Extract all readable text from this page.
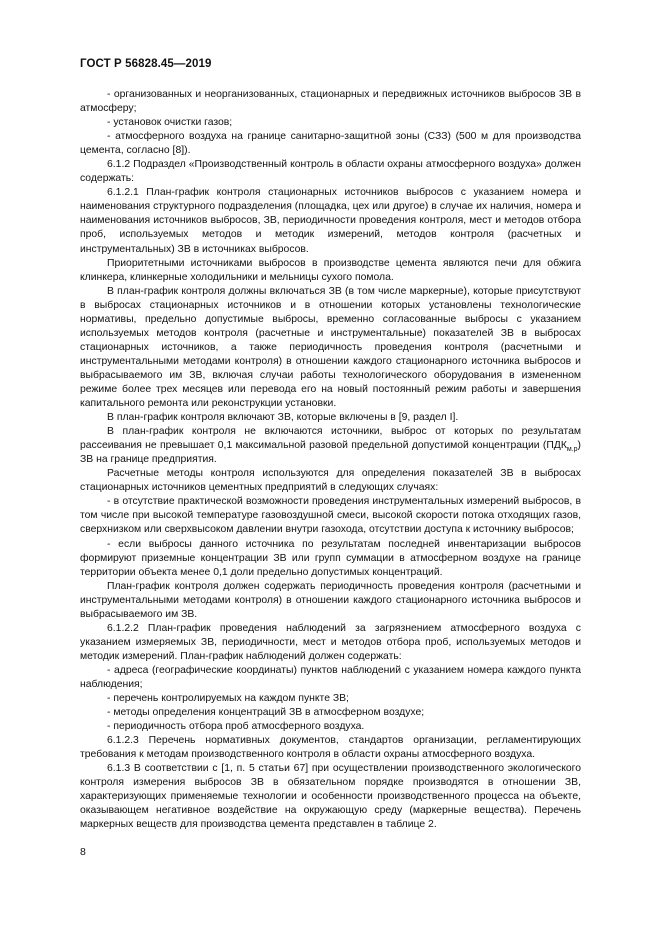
ГОСТ Р 56828.45—2019

- организованных и неорганизованных, стационарных и передвижных источников выбросов ЗВ в атмосферу;

- установок очистки газов;

- атмосферного воздуха на границе санитарно-защитной зоны (СЗЗ) (500 м для производства цемента, согласно [8]).

6.1.2 Подраздел «Производственный контроль в области охраны атмосферного воздуха» должен содержать:

6.1.2.1 План-график контроля стационарных источников выбросов с указанием номера и наименования структурного подразделения (площадка, цех или другое) в случае их наличия, номера и наименования источников выбросов, ЗВ, периодичности проведения контроля, мест и методов отбора проб, используемых методов и методик измерений, методов контроля (расчетных и инструментальных) ЗВ в источниках выбросов.

Приоритетными источниками выбросов в производстве цемента являются печи для обжига клинкера, клинкерные холодильники и мельницы сухого помола.

В план-график контроля должны включаться ЗВ (в том числе маркерные), которые присутствуют в выбросах стационарных источников и в отношении которых установлены технологические нормативы, предельно допустимые выбросы, временно согласованные выбросы с указанием используемых методов контроля (расчетные и инструментальные) показателей ЗВ в выбросах стационарных источников, а также периодичность проведения контроля (расчетными и инструментальными методами контроля) в отношении каждого стационарного источника выбросов и выбрасываемого им ЗВ, включая случаи работы технологического оборудования в измененном режиме более трех месяцев или перевода его на новый постоянный режим работы и завершения капитального ремонта или реконструкции установки.

В план-график контроля включают ЗВ, которые включены в [9, раздел I].

В план-график контроля не включаются источники, выброс от которых по результатам рассеивания не превышает 0,1 максимальной разовой предельной допустимой концентрации $(ПДК_{м.р})$ ЗВ на границе предприятия.

Расчетные методы контроля используются для определения показателей ЗВ в выбросах стационарных источников цементных предприятий в следующих случаях:

- в отсутствие практической возможности проведения инструментальных измерений выбросов, в том числе при высокой температуре газовоздушной смеси, высокой скорости потока отходящих газов, сверхнизком или сверхвысоком давлении внутри газохода, отсутствии доступа к источнику выбросов;

- если выбросы данного источника по результатам последней инвентаризации выбросов формируют приземные концентрации ЗВ или групп суммации в атмосферном воздухе на границе территории объекта менее 0,1 доли предельно допустимых концентраций.

План-график контроля должен содержать периодичность проведения контроля (расчетными и инструментальными методами контроля) в отношении каждого стационарного источника выбросов и выбрасываемого им ЗВ.

6.1.2.2 План-график проведения наблюдений за загрязнением атмосферного воздуха с указанием измеряемых ЗВ, периодичности, мест и методов отбора проб, используемых методов и методик измерений. План-график наблюдений должен содержать:

- адреса (географические координаты) пунктов наблюдений с указанием номера каждого пункта наблюдения;

- перечень контролируемых на каждом пункте ЗВ;

- методы определения концентраций ЗВ в атмосферном воздухе;

- периодичность отбора проб атмосферного воздуха.

6.1.2.3 Перечень нормативных документов, стандартов организации, регламентирующих требования к методам производственного контроля в области охраны атмосферного воздуха.

6.1.3 В соответствии с [1, п. 5 статьи 67] при осуществлении производственного экологического контроля измерения выбросов ЗВ в обязательном порядке производятся в отношении ЗВ, характеризующих применяемые технологии и особенности производственного процесса на объекте, оказывающем негативное воздействие на окружающую среду (маркерные вещества). Перечень маркерных веществ для производства цемента представлен в таблице 2.

8
